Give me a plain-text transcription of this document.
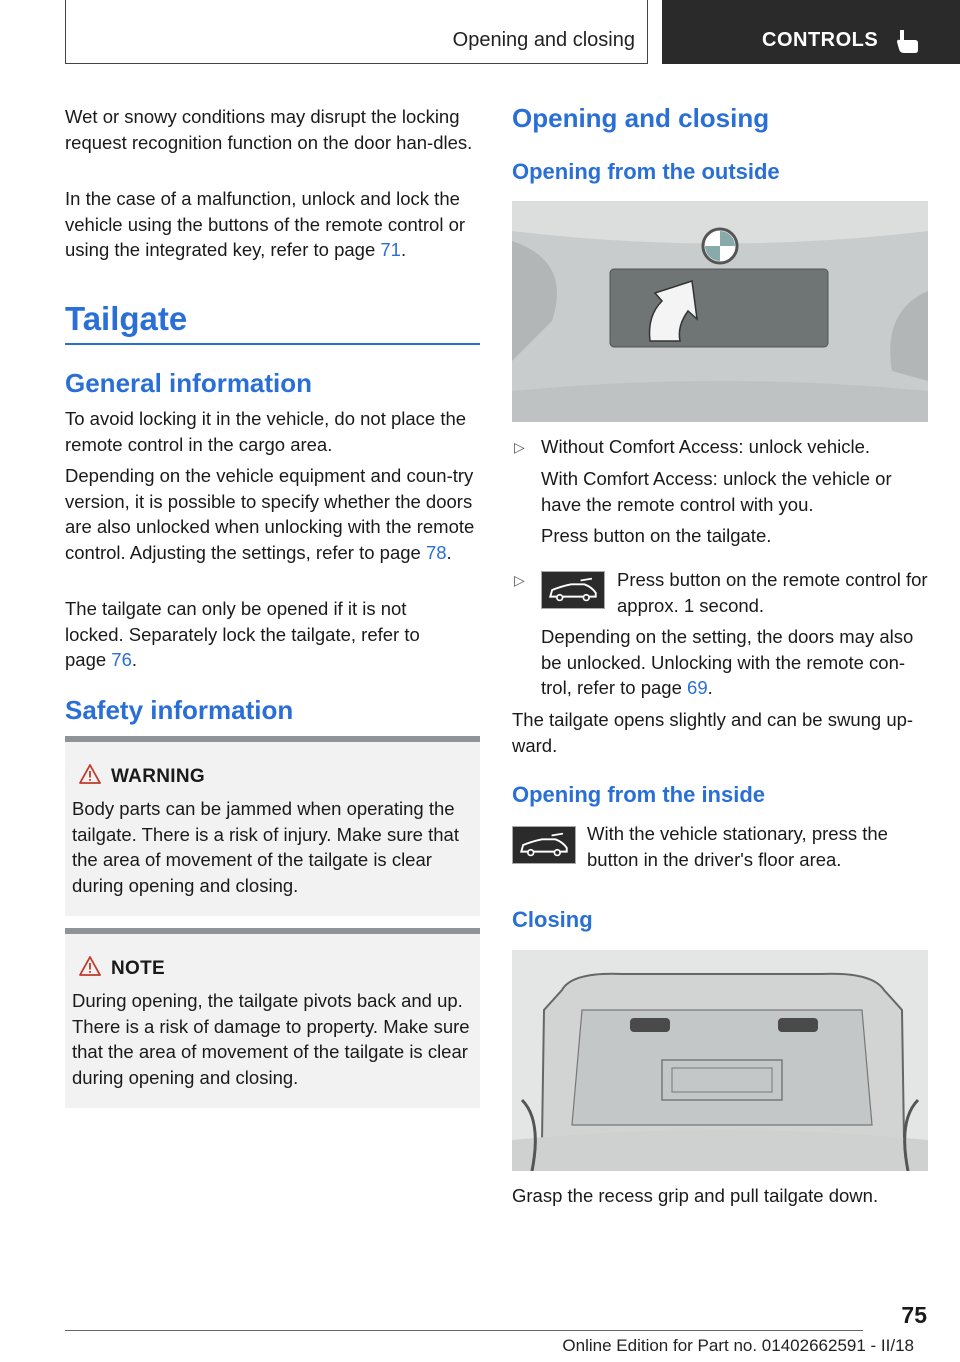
Opening and closing	CONTROLS
Wet or snowy conditions may disrupt the locking request recognition function on the door han-dles.
In the case of a malfunction, unlock and lock the vehicle using the buttons of the remote control or using the integrated key, refer to page 71.
Tailgate
General information
To avoid locking it in the vehicle, do not place the remote control in the cargo area.
Depending on the vehicle equipment and coun-try version, it is possible to specify whether the doors are also unlocked when unlocking with the remote control. Adjusting the settings, refer to page 78.
The tailgate can only be opened if it is not locked. Separately lock the tailgate, refer to page 76.
Safety information
WARNING
Body parts can be jammed when operating the tailgate. There is a risk of injury. Make sure that the area of movement of the tailgate is clear during opening and closing.
NOTE
During opening, the tailgate pivots back and up. There is a risk of damage to property. Make sure that the area of movement of the tailgate is clear during opening and closing.
Opening and closing
Opening from the outside
▷ Without Comfort Access: unlock vehicle.
With Comfort Access: unlock the vehicle or have the remote control with you.
Press button on the tailgate.
▷	Press button on the remote control for approx. 1 second.
Depending on the setting, the doors may also be unlocked. Unlocking with the remote con-trol, refer to page 69.
The tailgate opens slightly and can be swung up-ward.
Opening from the inside
With the vehicle stationary, press the button in the driver's floor area.
Closing
Grasp the recess grip and pull tailgate down.
75
Online Edition for Part no. 01402662591 - II/18
